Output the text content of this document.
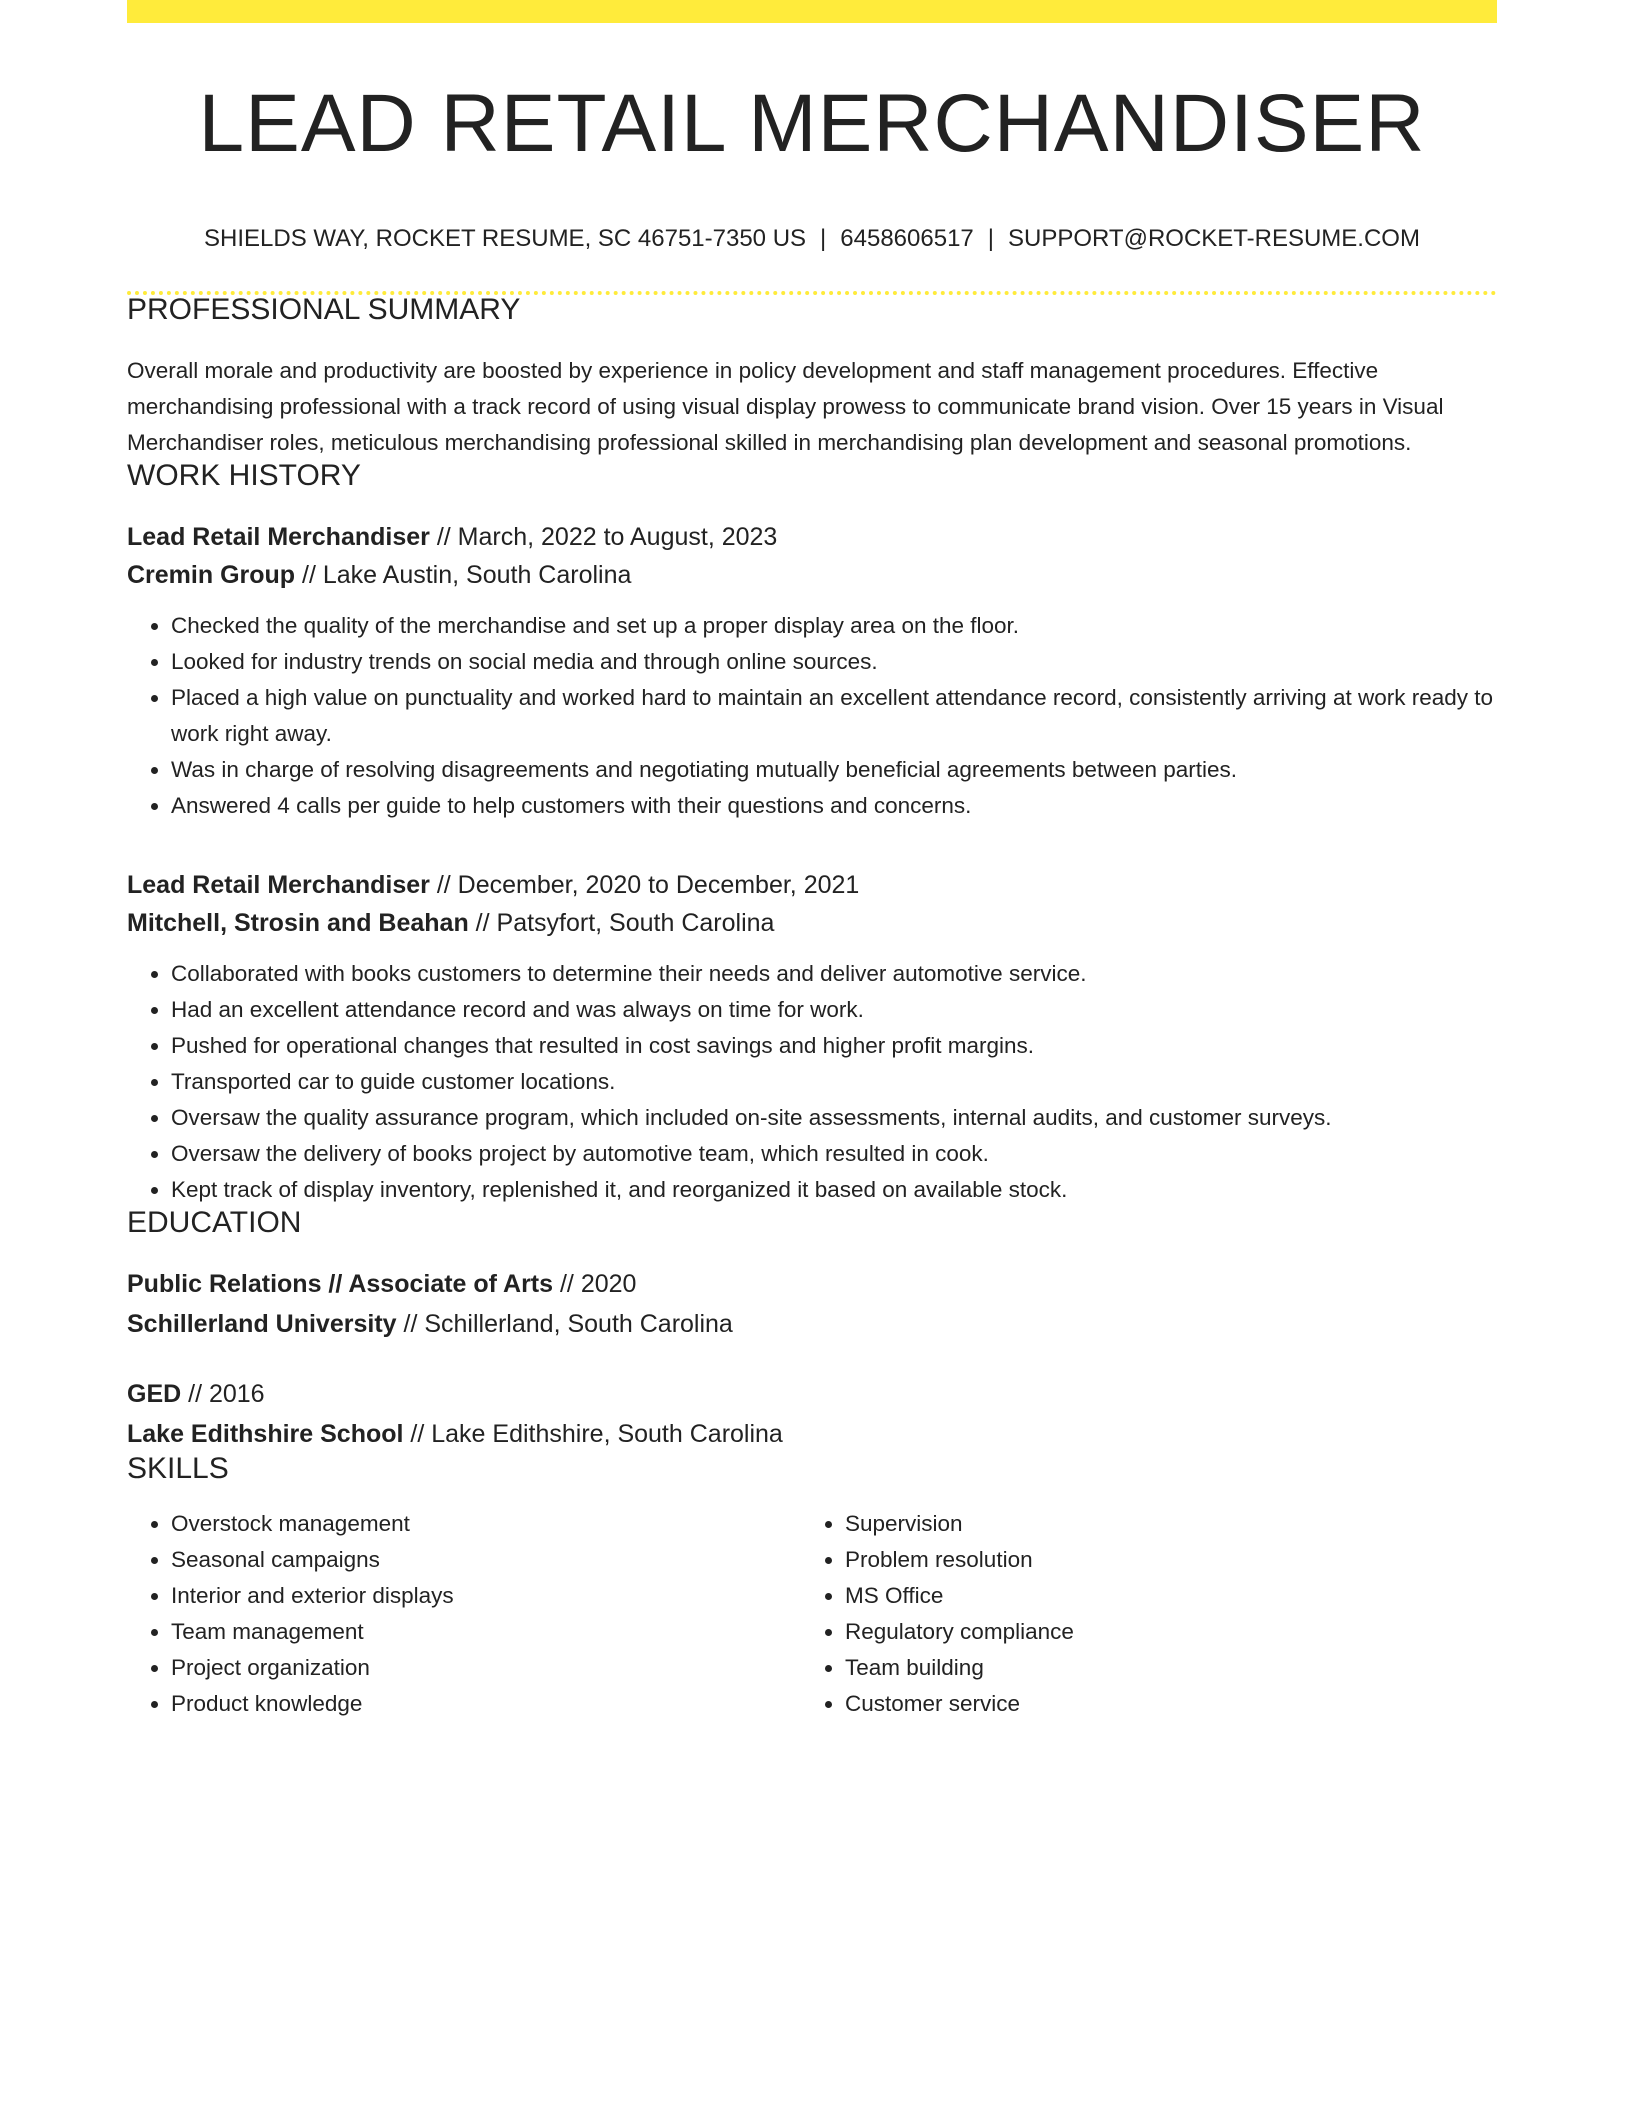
LEAD RETAIL MERCHANDISER
SHIELDS WAY, ROCKET RESUME, SC 46751-7350 US | 6458606517 | SUPPORT@ROCKET-RESUME.COM
PROFESSIONAL SUMMARY
Overall morale and productivity are boosted by experience in policy development and staff management procedures. Effective merchandising professional with a track record of using visual display prowess to communicate brand vision. Over 15 years in Visual Merchandiser roles, meticulous merchandising professional skilled in merchandising plan development and seasonal promotions.
WORK HISTORY
Lead Retail Merchandiser // March, 2022 to August, 2023
Cremin Group // Lake Austin, South Carolina
• Checked the quality of the merchandise and set up a proper display area on the floor.
• Looked for industry trends on social media and through online sources.
• Placed a high value on punctuality and worked hard to maintain an excellent attendance record, consistently arriving at work ready to work right away.
• Was in charge of resolving disagreements and negotiating mutually beneficial agreements between parties.
• Answered 4 calls per guide to help customers with their questions and concerns.
Lead Retail Merchandiser // December, 2020 to December, 2021
Mitchell, Strosin and Beahan // Patsyfort, South Carolina
• Collaborated with books customers to determine their needs and deliver automotive service.
• Had an excellent attendance record and was always on time for work.
• Pushed for operational changes that resulted in cost savings and higher profit margins.
• Transported car to guide customer locations.
• Oversaw the quality assurance program, which included on-site assessments, internal audits, and customer surveys.
• Oversaw the delivery of books project by automotive team, which resulted in cook.
• Kept track of display inventory, replenished it, and reorganized it based on available stock.
EDUCATION
Public Relations // Associate of Arts // 2020
Schillerland University // Schillerland, South Carolina
GED // 2016
Lake Edithshire School // Lake Edithshire, South Carolina
SKILLS
• Overstock management
• Seasonal campaigns
• Interior and exterior displays
• Team management
• Project organization
• Product knowledge
• Supervision
• Problem resolution
• MS Office
• Regulatory compliance
• Team building
• Customer service
